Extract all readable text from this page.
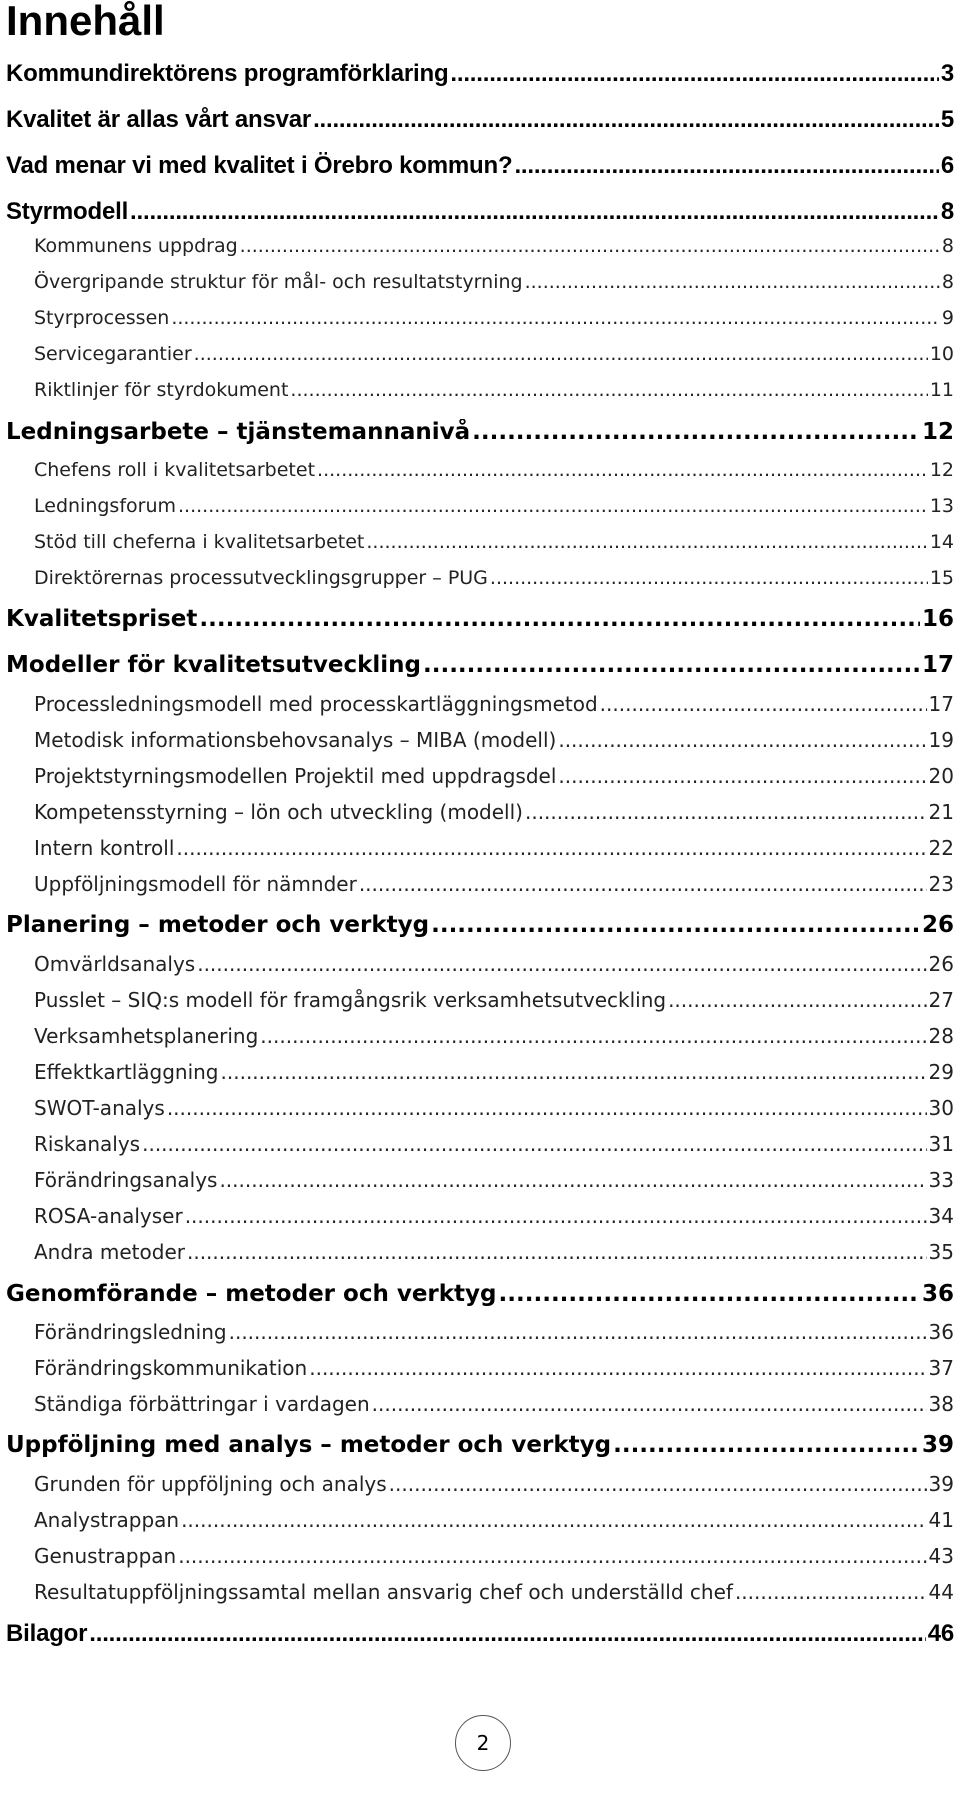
Innehåll
Kommundirektörens programförklaring .....	3
Kvalitet är allas vårt ansvar .....	5
Vad menar vi med kvalitet i Örebro kommun? .....	6
Styrmodell .....	8
Kommunens uppdrag .....	8
Övergripande struktur för mål- och resultatstyrning .....	8
Styrprocessen .....	9
Servicegarantier .....	10
Riktlinjer för styrdokument .....	11
Ledningsarbete – tjänstemannanivå .....	12
Chefens roll i kvalitetsarbetet .....	12
Ledningsforum .....	13
Stöd till cheferna i kvalitetsarbetet .....	14
Direktörernas processutvecklingsgrupper – PUG .....	15
Kvalitetspriset .....	16
Modeller för kvalitetsutveckling .....	17
Processledningsmodell med processkartläggningsmetod .....	17
Metodisk informationsbehovsanalys – MIBA (modell) .....	19
Projektstyrningsmodellen Projektil med uppdragsdel .....	20
Kompetensstyrning – lön och utveckling (modell) .....	21
Intern kontroll .....	22
Uppföljningsmodell för nämnder .....	23
Planering – metoder och verktyg .....	26
Omvärldsanalys .....	26
Pusslet – SIQ:s modell för framgångsrik verksamhetsutveckling .....	27
Verksamhetsplanering .....	28
Effektkartläggning .....	29
SWOT-analys .....	30
Riskanalys .....	31
Förändringsanalys .....	33
ROSA-analyser .....	34
Andra metoder .....	35
Genomförande – metoder och verktyg .....	36
Förändringsledning .....	36
Förändringskommunikation .....	37
Ständiga förbättringar i vardagen .....	38
Uppföljning med analys – metoder och verktyg .....	39
Grunden för uppföljning och analys .....	39
Analystrappan .....	41
Genustrappan .....	43
Resultatuppföljningssamtal mellan ansvarig chef och underställd chef .....	44
Bilagor .....	46
2
